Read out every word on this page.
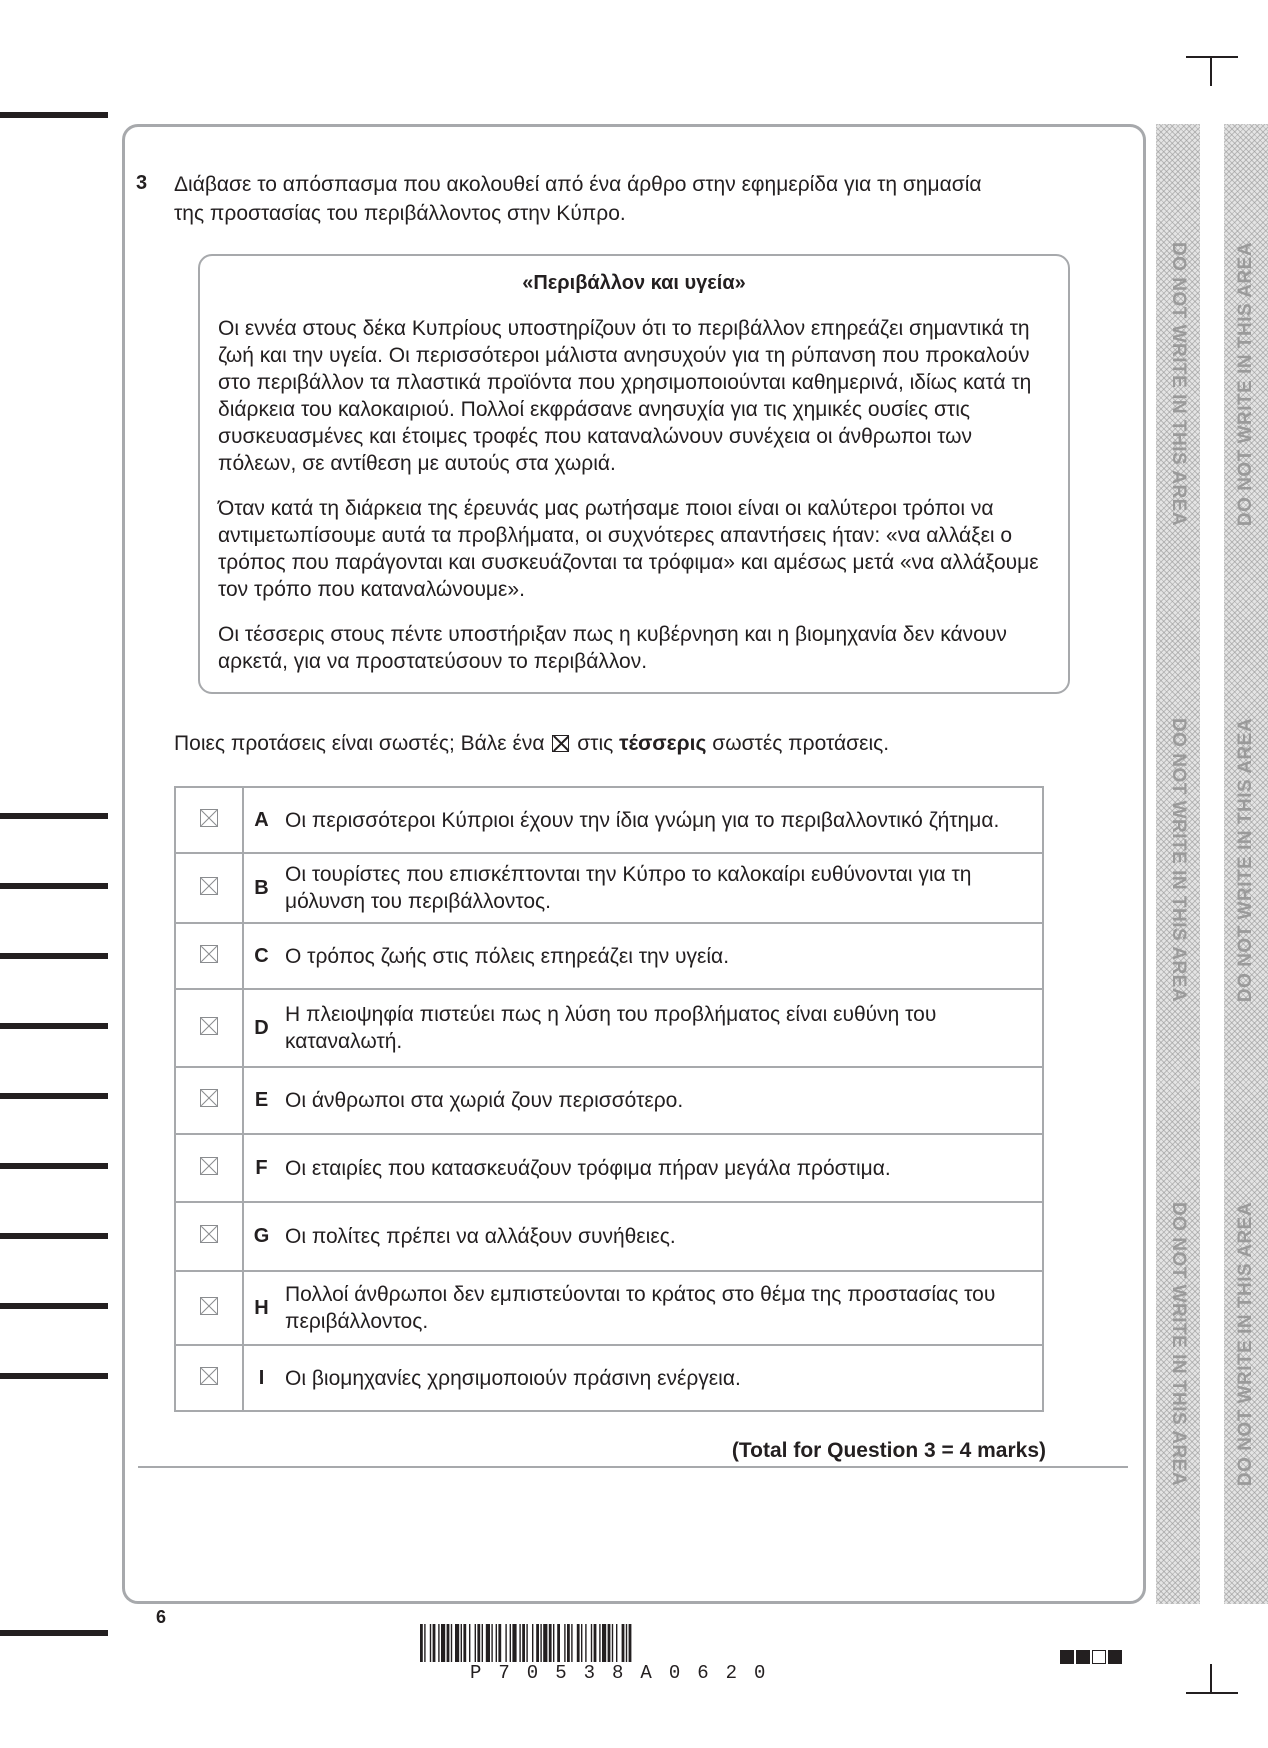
DO NOT WRITE IN THIS AREA
DO NOT WRITE IN THIS AREA
DO NOT WRITE IN THIS AREA
DO NOT WRITE IN THIS AREA
DO NOT WRITE IN THIS AREA
DO NOT WRITE IN THIS AREA
3 Διάβασε το απόσπασμα που ακολουθεί από ένα άρθρο στην εφημερίδα για τη σημασία της προστασίας του περιβάλλοντος στην Κύπρο.
«Περιβάλλον και υγεία»

Οι εννέα στους δέκα Κυπρίους υποστηρίζουν ότι το περιβάλλον επηρεάζει σημαντικά τη ζωή και την υγεία. Οι περισσότεροι μάλιστα ανησυχούν για τη ρύπανση που προκαλούν στο περιβάλλον τα πλαστικά προϊόντα που χρησιμοποιούνται καθημερινά, ιδίως κατά τη διάρκεια του καλοκαιριού. Πολλοί εκφράσανε ανησυχία για τις χημικές ουσίες στις συσκευασμένες και έτοιμες τροφές που καταναλώνουν συνέχεια οι άνθρωποι των πόλεων, σε αντίθεση με αυτούς στα χωριά.

Όταν κατά τη διάρκεια της έρευνάς μας ρωτήσαμε ποιοι είναι οι καλύτεροι τρόποι να αντιμετωπίσουμε αυτά τα προβλήματα, οι συχνότερες απαντήσεις ήταν: «να αλλάξει ο τρόπος που παράγονται και συσκευάζονται τα τρόφιμα» και αμέσως μετά «να αλλάξουμε τον τρόπο που καταναλώνουμε».

Οι τέσσερις στους πέντε υποστήριξαν πως η κυβέρνηση και η βιομηχανία δεν κάνουν αρκετά, για να προστατεύσουν το περιβάλλον.

Ποιες προτάσεις είναι σωστές; Βάλε ένα ☒ στις τέσσερις σωστές προτάσεις.
	A	Οι περισσότεροι Κύπριοι έχουν την ίδια γνώμη για το περιβαλλοντικό ζήτημα.
	B	Οι τουρίστες που επισκέπτονται την Κύπρο το καλοκαίρι ευθύνονται για τη μόλυνση του περιβάλλοντος.
	C	Ο τρόπος ζωής στις πόλεις επηρεάζει την υγεία.
	D	Η πλειοψηφία πιστεύει πως η λύση του προβλήματος είναι ευθύνη του καταναλωτή.
	E	Οι άνθρωποι στα χωριά ζουν περισσότερο.
	F	Οι εταιρίες που κατασκευάζουν τρόφιμα πήραν μεγάλα πρόστιμα.
	G	Οι πολίτες πρέπει να αλλάξουν συνήθειες.
	H	Πολλοί άνθρωποι δεν εμπιστεύονται το κράτος στο θέμα της προστασίας του περιβάλλοντος.
	I	Οι βιομηχανίες χρησιμοποιούν πράσινη ενέργεια.
(Total for Question 3 = 4 marks)
6
P70538A0620
